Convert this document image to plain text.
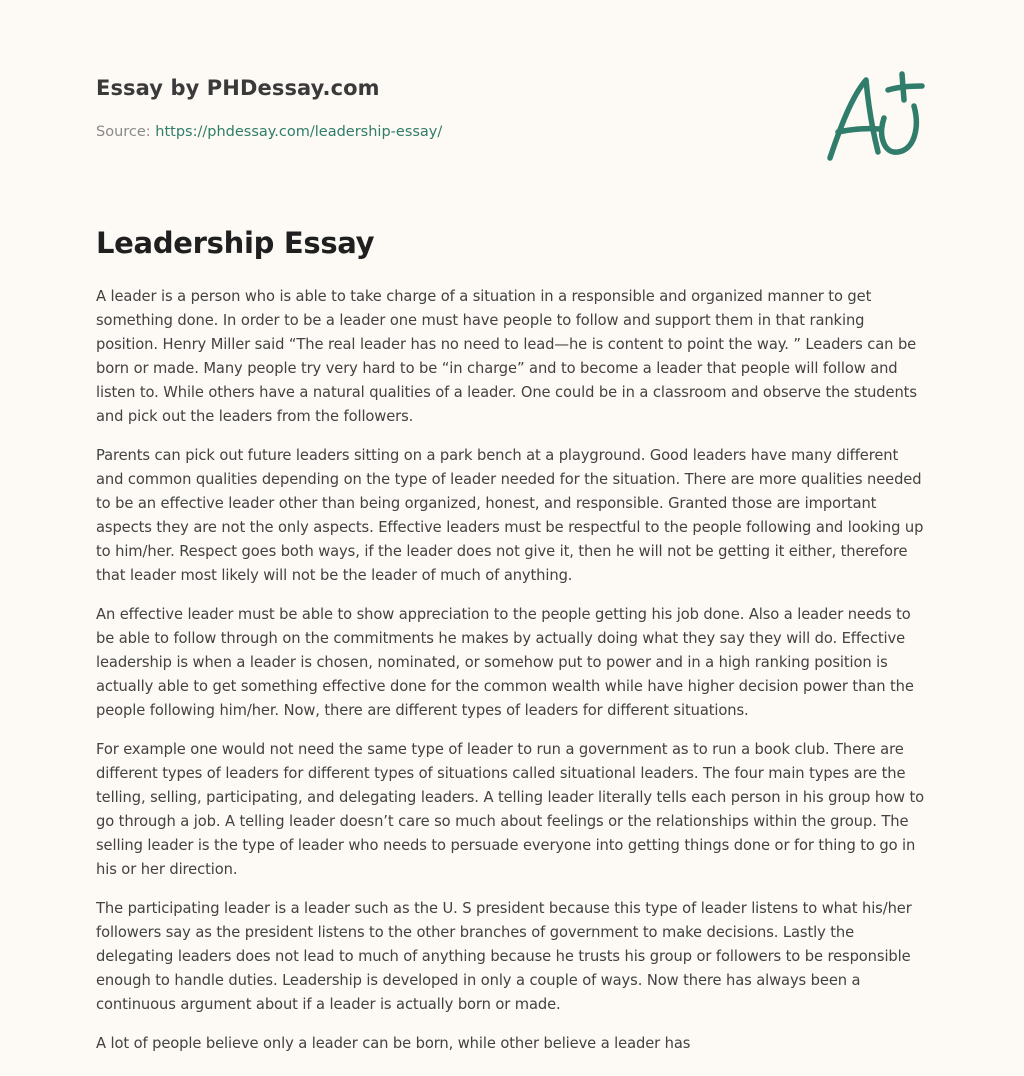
Essay by PHDessay.com
Source: https://phdessay.com/leadership-essay/
Leadership Essay

A leader is a person who is able to take charge of a situation in a responsible and organized manner to get something done. In order to be a leader one must have people to follow and support them in that ranking position. Henry Miller said “The real leader has no need to lead—he is content to point the way. ” Leaders can be born or made. Many people try very hard to be “in charge” and to become a leader that people will follow and listen to. While others have a natural qualities of a leader. One could be in a classroom and observe the students and pick out the leaders from the followers.

Parents can pick out future leaders sitting on a park bench at a playground. Good leaders have many different and common qualities depending on the type of leader needed for the situation. There are more qualities needed to be an effective leader other than being organized, honest, and responsible. Granted those are important aspects they are not the only aspects. Effective leaders must be respectful to the people following and looking up to him/her. Respect goes both ways, if the leader does not give it, then he will not be getting it either, therefore that leader most likely will not be the leader of much of anything.

An effective leader must be able to show appreciation to the people getting his job done. Also a leader needs to be able to follow through on the commitments he makes by actually doing what they say they will do. Effective leadership is when a leader is chosen, nominated, or somehow put to power and in a high ranking position is actually able to get something effective done for the common wealth while have higher decision power than the people following him/her. Now, there are different types of leaders for different situations.

For example one would not need the same type of leader to run a government as to run a book club. There are different types of leaders for different types of situations called situational leaders. The four main types are the telling, selling, participating, and delegating leaders. A telling leader literally tells each person in his group how to go through a job. A telling leader doesn’t care so much about feelings or the relationships within the group. The selling leader is the type of leader who needs to persuade everyone into getting things done or for thing to go in his or her direction.

The participating leader is a leader such as the U. S president because this type of leader listens to what his/her followers say as the president listens to the other branches of government to make decisions. Lastly the delegating leaders does not lead to much of anything because he trusts his group or followers to be responsible enough to handle duties. Leadership is developed in only a couple of ways. Now there has always been a continuous argument about if a leader is actually born or made.

A lot of people believe only a leader can be born, while other believe a leader has
